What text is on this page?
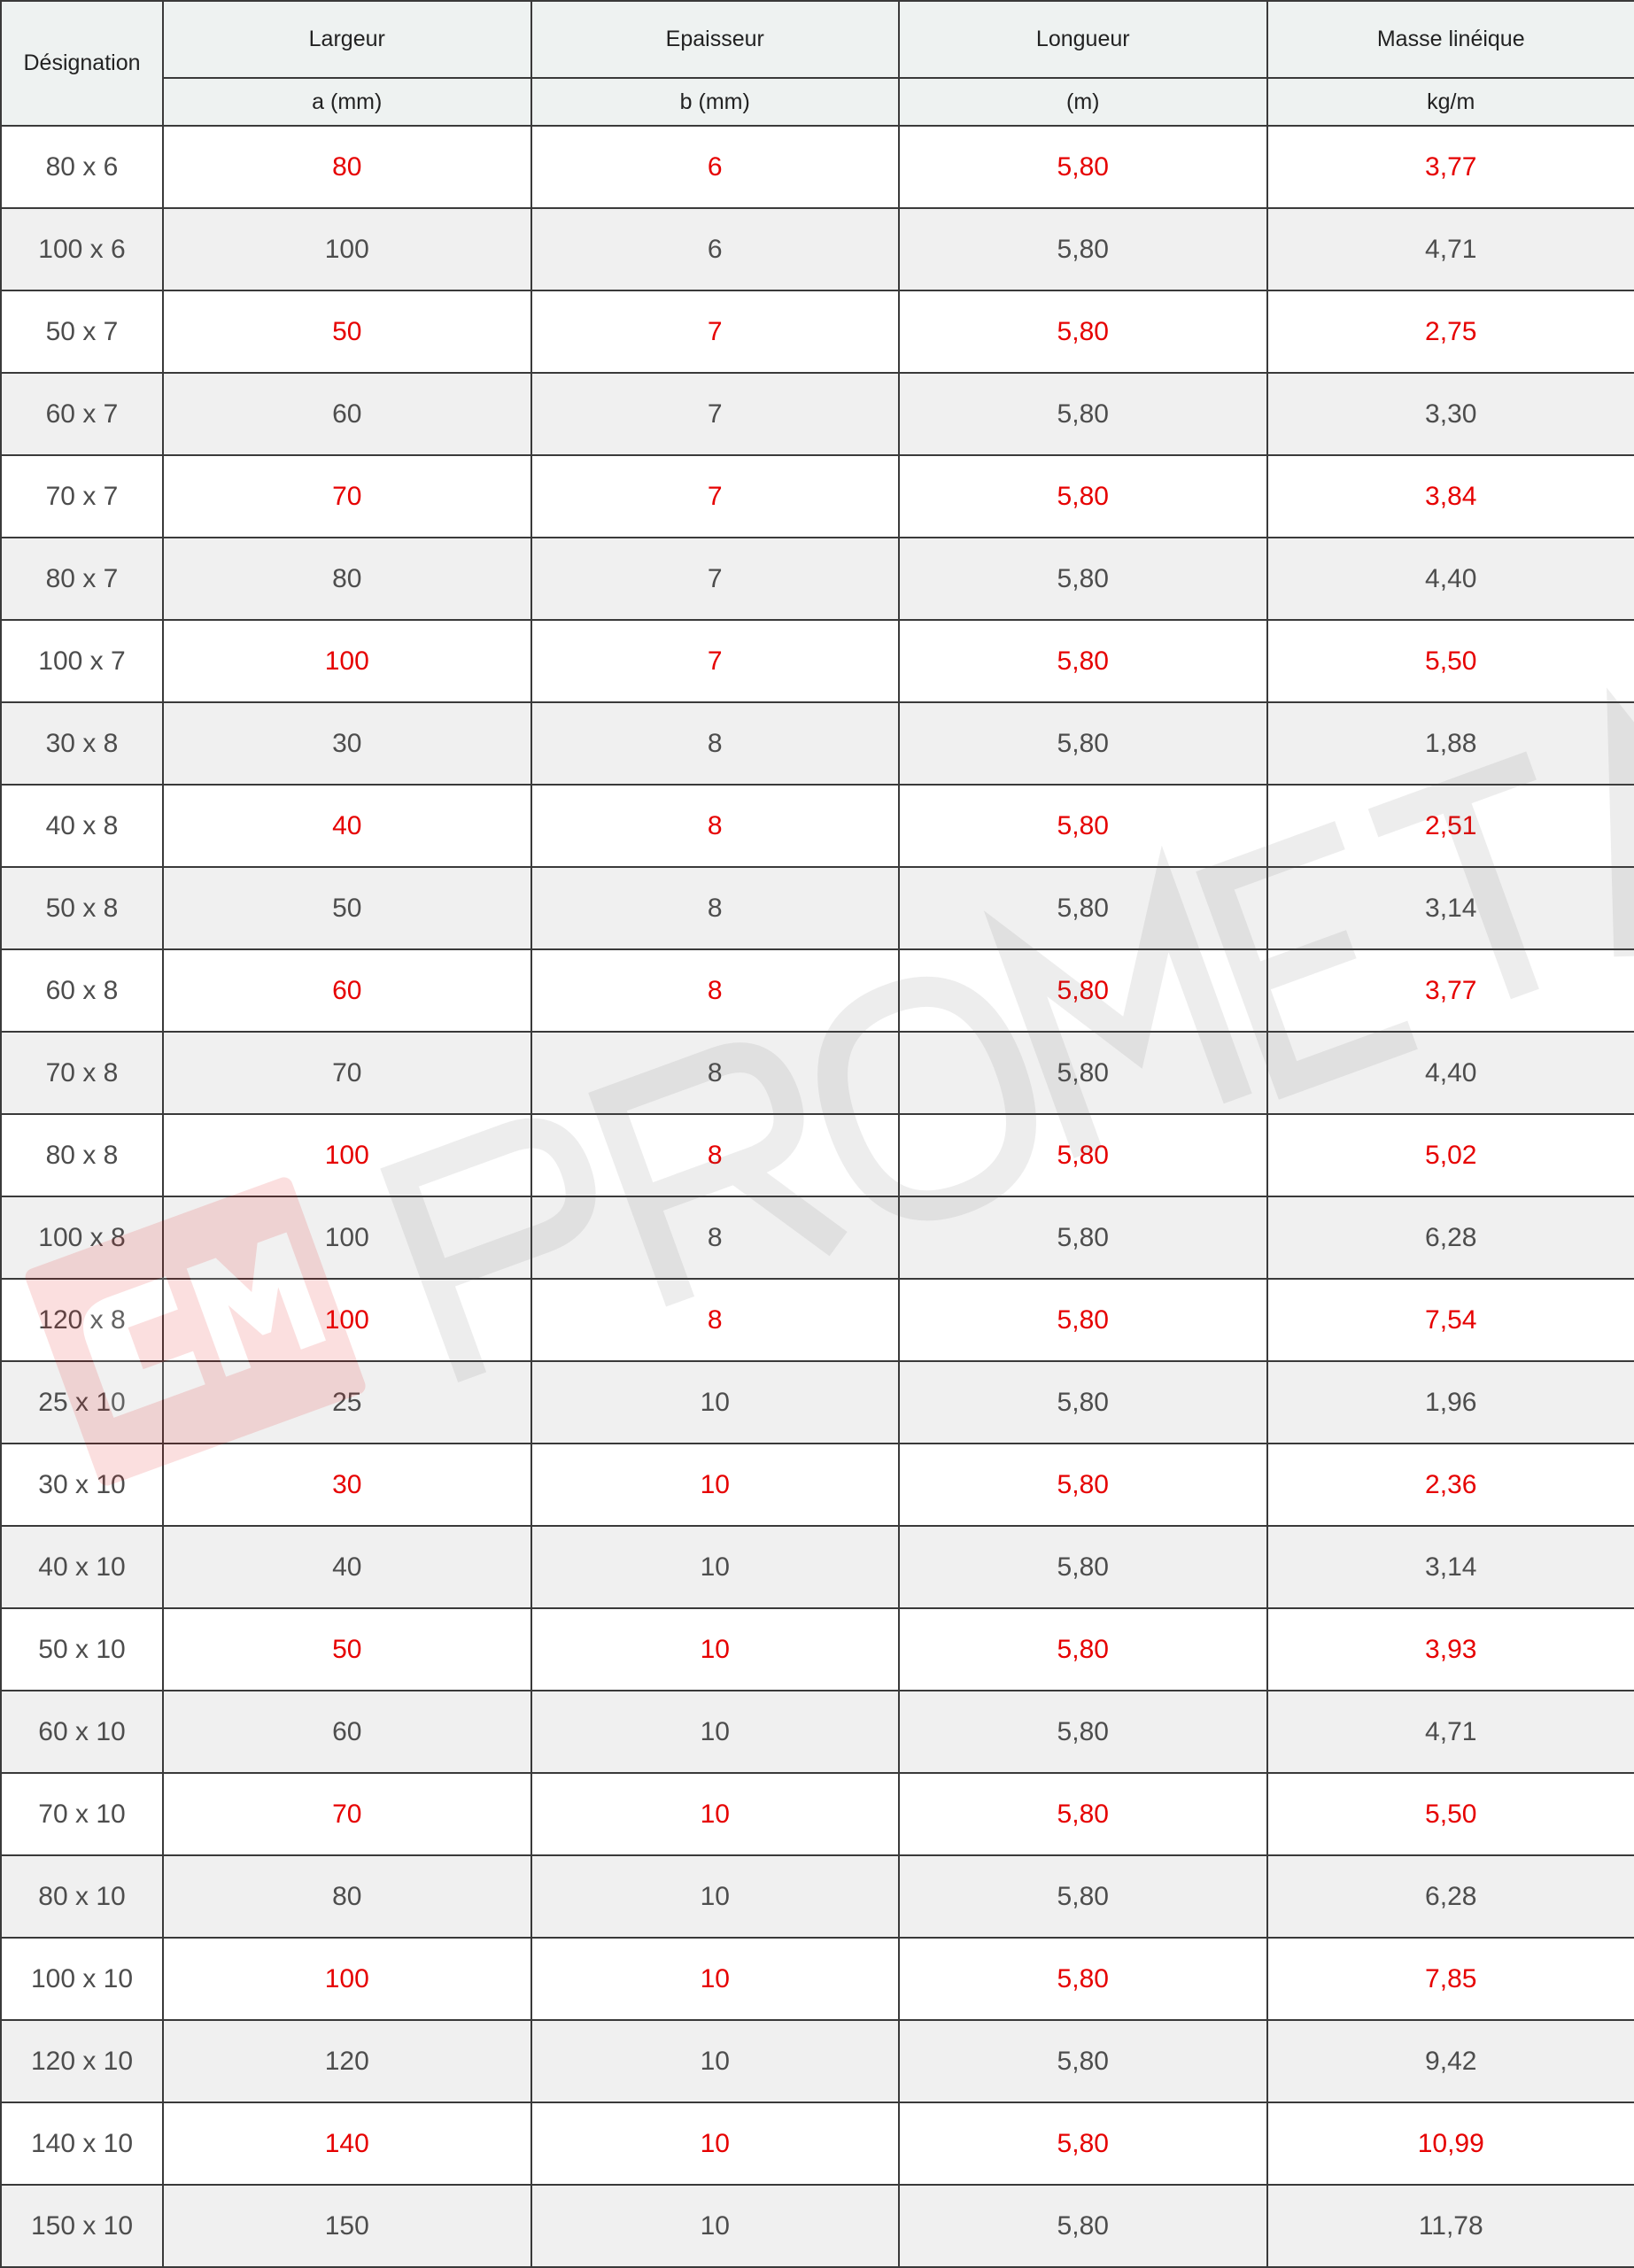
Désignation	Largeur	Epaisseur	Longueur	Masse linéique
	a (mm)	b (mm)	(m)	kg/m
80 x 6	80	6	5,80	3,77
100 x 6	100	6	5,80	4,71
50 x 7	50	7	5,80	2,75
60 x 7	60	7	5,80	3,30
70 x 7	70	7	5,80	3,84
80 x 7	80	7	5,80	4,40
100 x 7	100	7	5,80	5,50
30 x 8	30	8	5,80	1,88
40 x 8	40	8	5,80	2,51
50 x 8	50	8	5,80	3,14
60 x 8	60	8	5,80	3,77
70 x 8	70	8	5,80	4,40
80 x 8	100	8	5,80	5,02
100 x 8	100	8	5,80	6,28
120 x 8	100	8	5,80	7,54
25 x 10	25	10	5,80	1,96
30 x 10	30	10	5,80	2,36
40 x 10	40	10	5,80	3,14
50 x 10	50	10	5,80	3,93
60 x 10	60	10	5,80	4,71
70 x 10	70	10	5,80	5,50
80 x 10	80	10	5,80	6,28
100 x 10	100	10	5,80	7,85
120 x 10	120	10	5,80	9,42
140 x 10	140	10	5,80	10,99
150 x 10	150	10	5,80	11,78
